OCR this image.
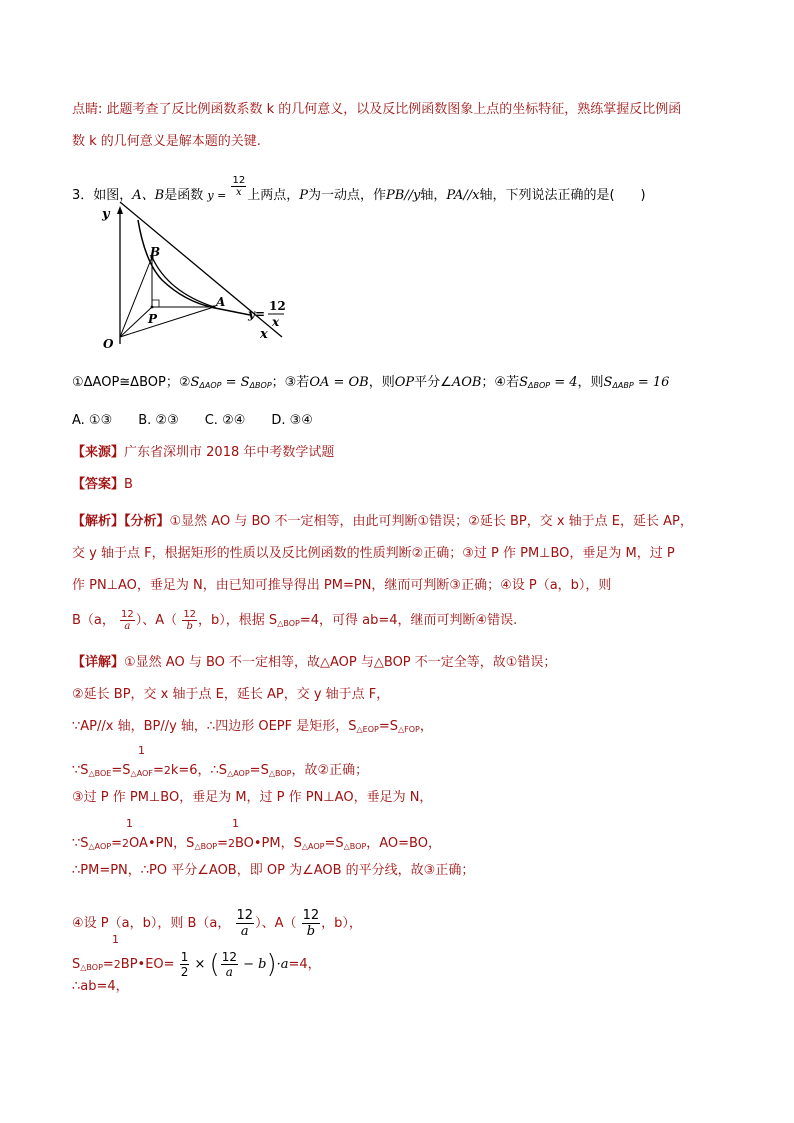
点睛: 此题考查了反比例函数系数 k 的几何意义，以及反比例函数图象上点的坐标特征，熟练掌握反比例函
数 k 的几何意义是解本题的关键.
3．如图，A、B是函数 $y = \frac{12}{x}$ 上两点，P为一动点，作PB//y轴，PA//x轴，下列说法正确的是(　　)
y
x
O
B
A
P	y=
12
x
①ΔAOP≅ΔBOP；$②S_{\Delta AOP} = S_{\Delta BOP}$；③若OA = OB，则OP平分∠AOB；④若$S_{\Delta BOP} = 4$，则$S_{\Delta ABP} = 16$
A. ①③　　B. ②③　　C. ②④　　D. ③④
【来源】广东省深圳市 2018 年中考数学试题
【答案】B
【解析】【分析】①显然 AO 与 BO 不一定相等，由此可判断①错误；②延长 BP，交 x 轴于点 E，延长 AP，
交 y 轴于点 F，根据矩形的性质以及反比例函数的性质判断②正确；③过 P 作 PM⊥BO，垂足为 M，过 P
作 PN⊥AO，垂足为 N，由已知可推导得出 PM=PN，继而可判断③正确；④设 P（a，b），则
B（a， $\frac{12}{a}$ ）、$A( \frac{12}{b}$ ，b），根据 $S_{\triangle BOP}=4$，可得 ab=4，继而可判断④错误.
【详解】①显然 AO 与 BO 不一定相等，故△AOP 与△BOP 不一定全等，故①错误；
②延长 BP，交 x 轴于点 E，延长 AP，交 y 轴于点 F，
∵AP//x 轴，BP//y 轴，∴四边形 OEPF 是矩形，$S_{\triangle EOP}=S_{\triangle FOP}$，
1
$\because S_{\triangle BOE}=S_{\triangle AOF}=2k=6$，$\therefore S_{\triangle AOP}=S_{\triangle BOP}$，故②正确；
③过 P 作 PM⊥BO，垂足为 M，过 P 作 PN⊥AO，垂足为 N，
1	1
$\because S_{\triangle AOP}=2OA•PN$，$S_{\triangle BOP}=2BO•PM$，$S_{\triangle AOP}=S_{\triangle BOP}$，AO=BO，
∴PM=PN，∴PO 平分∠AOB，即 OP 为∠AOB 的平分线，故③正确；
④设 P（a，b），则 B（a， $\frac{12}{a}$ ）、$A( \frac{12}{b}$ ，b），
1
$S_{\triangle BOP}=2BP•EO= \frac{1}{2}$ × ( $\frac{12}{a} - b)\cdot a=4$，
∴ab=4，
